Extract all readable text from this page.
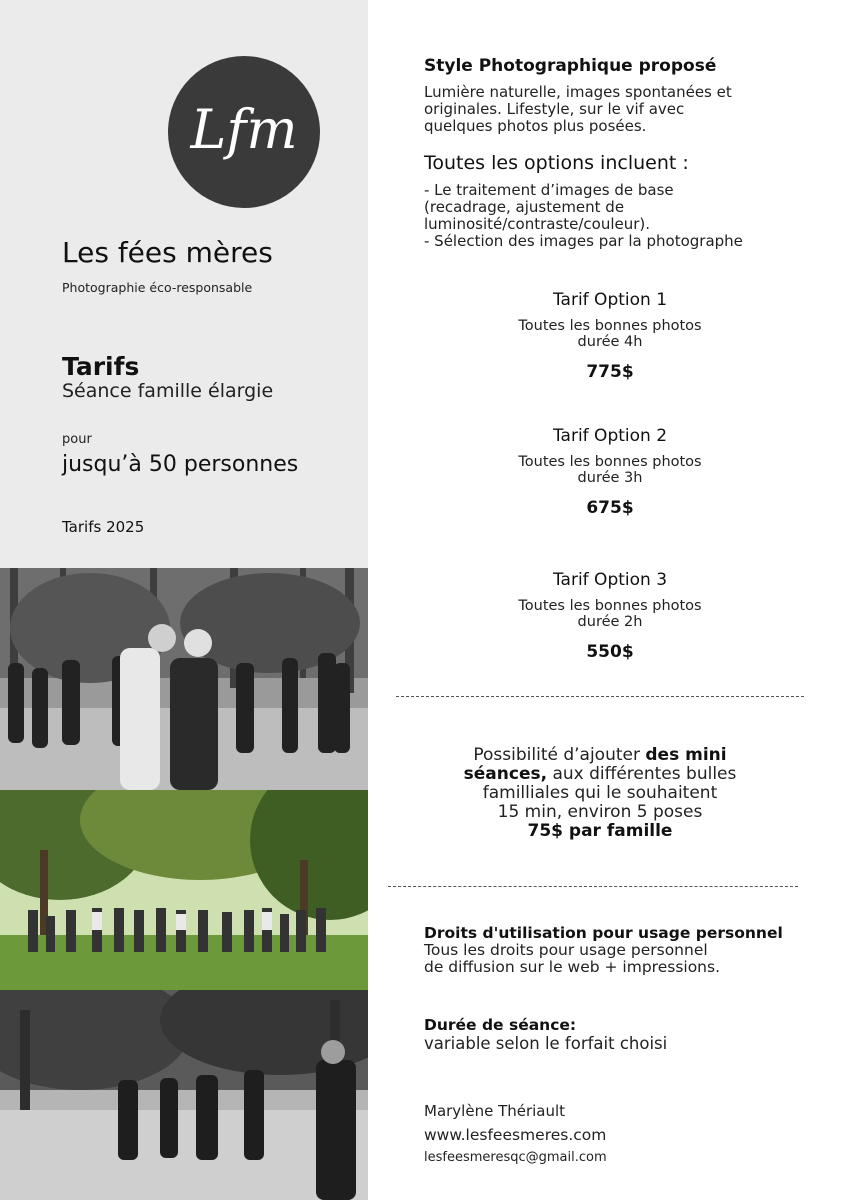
Lfm
Les fées mères
Photographie éco-responsable
Tarifs
Séance famille élargie
pour
jusqu’à 50 personnes
Tarifs 2025
Style Photographique proposé
Lumière naturelle, images spontanées et
originales. Lifestyle, sur le vif avec
quelques photos plus posées.
Toutes les options incluent :
- Le traitement d’images de base
(recadrage, ajustement de
luminosité/contraste/couleur).
- Sélection des images par la photographe
Tarif Option 1
Toutes les bonnes photos
durée 4h
775$
Tarif Option 2
Toutes les bonnes photos
durée 3h
675$
Tarif Option 3
Toutes les bonnes photos
durée 2h
550$
Possibilité d’ajouter des mini
séances, aux différentes bulles
familliales qui le souhaitent
15 min, environ 5 poses
75$ par famille
Droits d'utilisation pour usage personnel
Tous les droits pour usage personnel
de diffusion sur le web + impressions.
Durée de séance:
variable selon le forfait choisi
Marylène Thériault
www.lesfeesmeres.com
lesfeesmeresqc@gmail.com
